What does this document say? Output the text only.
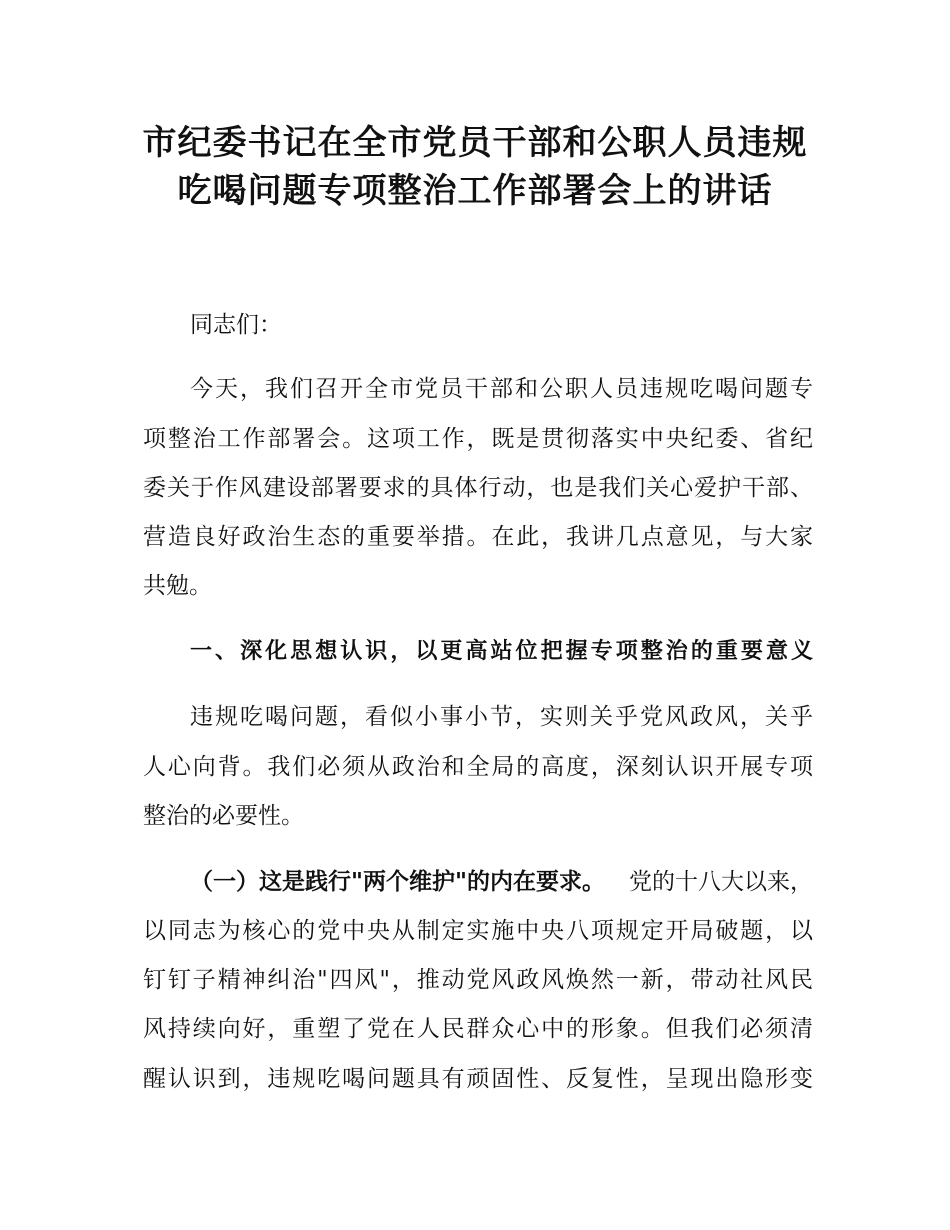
市纪委书记在全市党员干部和公职人员违规
吃喝问题专项整治工作部署会上的讲话
同志们：
今天，我们召开全市党员干部和公职人员违规吃喝问题专
项整治工作部署会。这项工作，既是贯彻落实中央纪委、省纪
委关于作风建设部署要求的具体行动，也是我们关心爱护干部、
营造良好政治生态的重要举措。在此，我讲几点意见，与大家
共勉。
一、深化思想认识，以更高站位把握专项整治的重要意义
违规吃喝问题，看似小事小节，实则关乎党风政风，关乎
人心向背。我们必须从政治和全局的高度，深刻认识开展专项
整治的必要性。
（一）这是践行"两个维护"的内在要求。 党的十八大以来，
以同志为核心的党中央从制定实施中央八项规定开局破题，以
钉钉子精神纠治"四风"，推动党风政风焕然一新，带动社风民
风持续向好，重塑了党在人民群众心中的形象。但我们必须清
醒认识到，违规吃喝问题具有顽固性、反复性，呈现出隐形变
